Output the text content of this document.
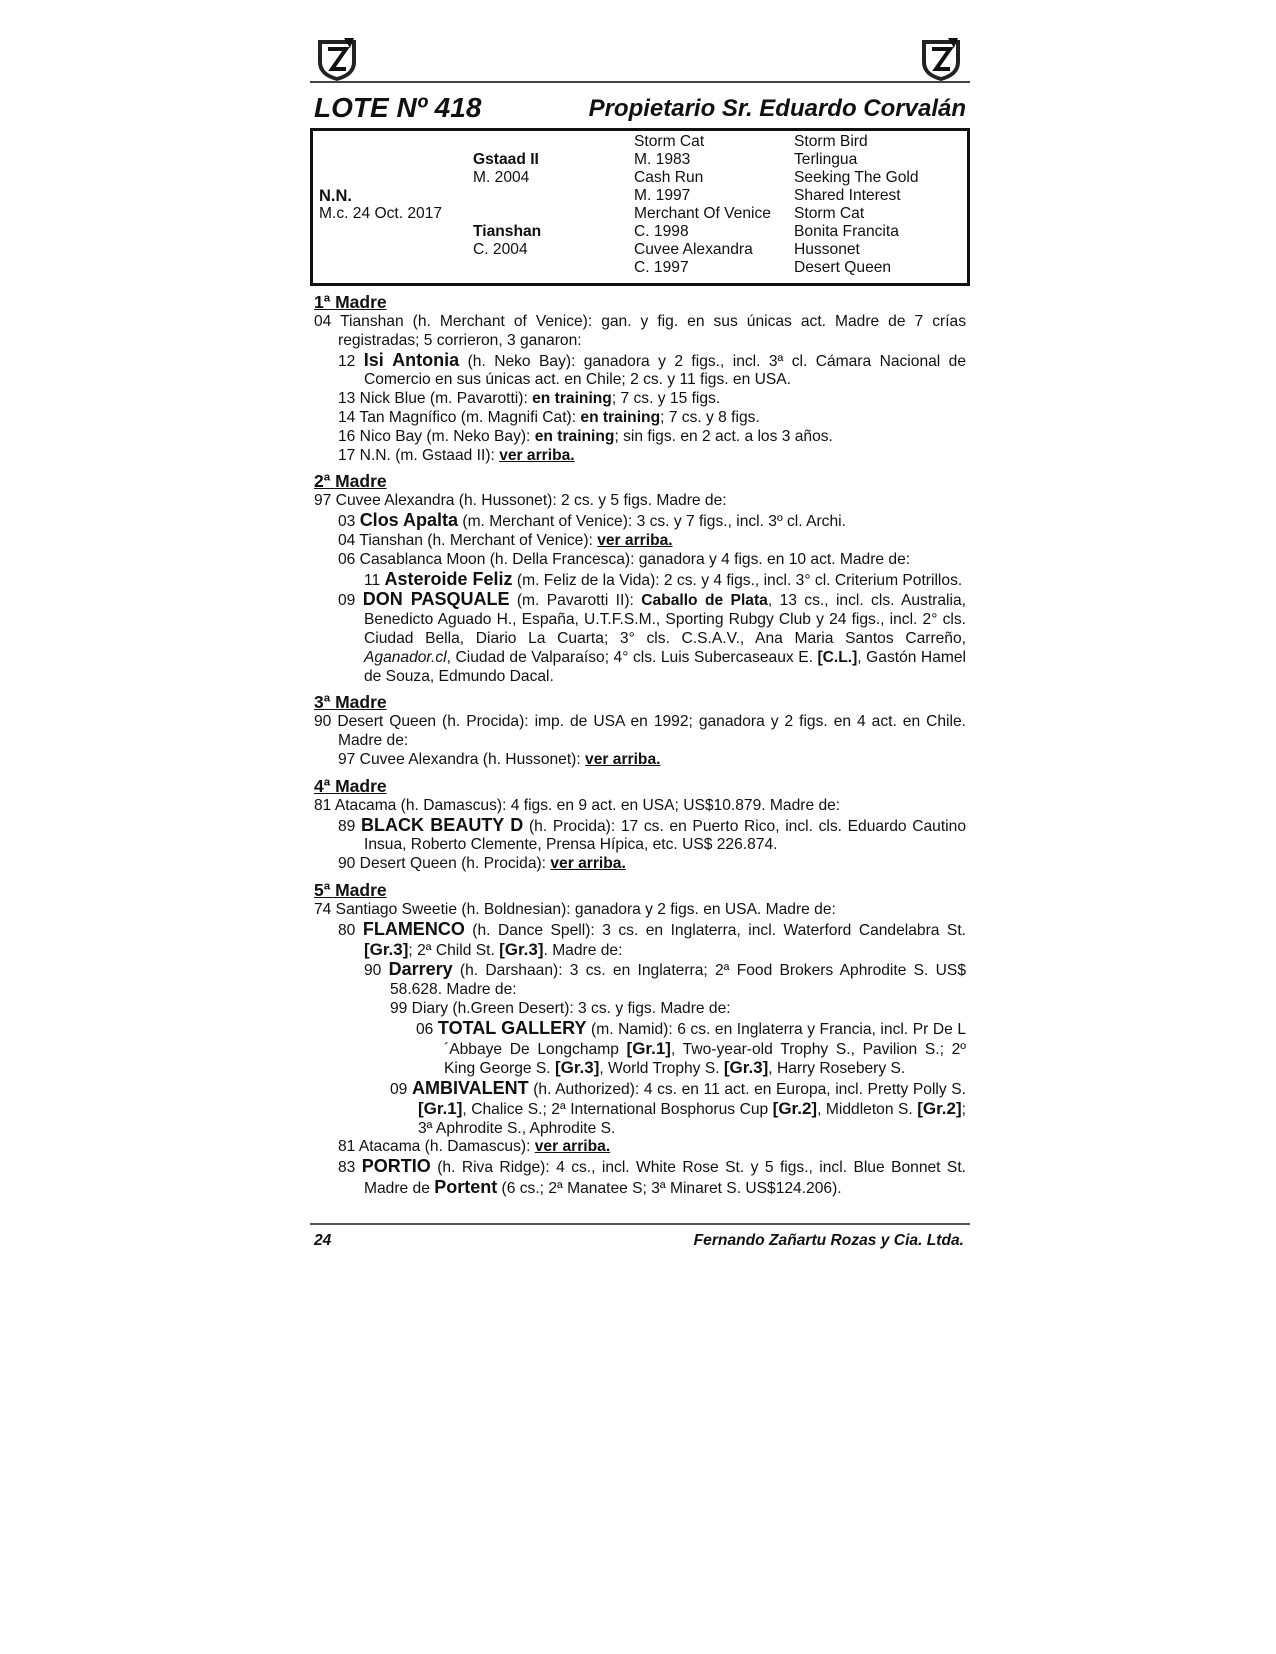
LOTE Nº 418	Propietario Sr. Eduardo Corvalán
N.N.
M.c. 24 Oct. 2017
Gstaad II
M. 2004
Tianshan
C. 2004
Storm Cat
M. 1983
Cash Run
M. 1997
Merchant Of Venice
C. 1998
Cuvee Alexandra
C. 1997
Storm Bird
Terlingua
Seeking The Gold
Shared Interest
Storm Cat
Bonita Francita
Hussonet
Desert Queen
1ª Madre
04 Tianshan (h. Merchant of Venice): gan. y fig. en sus únicas act. Madre de 7 crías registradas; 5 corrieron, 3 ganaron:
12 Isi Antonia (h. Neko Bay): ganadora y 2 figs., incl. 3ª cl. Cámara Nacional de Comercio en sus únicas act. en Chile; 2 cs. y 11 figs. en USA.
13 Nick Blue (m. Pavarotti): en training; 7 cs. y 15 figs.
14 Tan Magnífico (m. Magnifi Cat): en training; 7 cs. y 8 figs.
16 Nico Bay (m. Neko Bay): en training; sin figs. en 2 act. a los 3 años.
17 N.N. (m. Gstaad II): ver arriba.
2ª Madre
97 Cuvee Alexandra (h. Hussonet): 2 cs. y 5 figs. Madre de:
03 Clos Apalta (m. Merchant of Venice): 3 cs. y 7 figs., incl. 3º cl. Archi.
04 Tianshan (h. Merchant of Venice): ver arriba.
06 Casablanca Moon (h. Della Francesca): ganadora y 4 figs. en 10 act. Madre de:
11 Asteroide Feliz (m. Feliz de la Vida): 2 cs. y 4 figs., incl. 3° cl. Criterium Potrillos.
09 DON PASQUALE (m. Pavarotti II): Caballo de Plata, 13 cs., incl. cls. Australia, Benedicto Aguado H., España, U.T.F.S.M., Sporting Rubgy Club y 24 figs., incl. 2° cls. Ciudad Bella, Diario La Cuarta; 3° cls. C.S.A.V., Ana Maria Santos Carreño, Aganador.cl, Ciudad de Valparaíso; 4° cls. Luis Subercaseaux E. [C.L.], Gastón Hamel de Souza, Edmundo Dacal.
3ª Madre
90 Desert Queen (h. Procida): imp. de USA en 1992; ganadora y 2 figs. en 4 act. en Chile. Madre de:
97 Cuvee Alexandra (h. Hussonet): ver arriba.
4ª Madre
81 Atacama (h. Damascus): 4 figs. en 9 act. en USA; US$10.879. Madre de:
89 BLACK BEAUTY D (h. Procida): 17 cs. en Puerto Rico, incl. cls. Eduardo Cautino Insua, Roberto Clemente, Prensa Hípica, etc. US$ 226.874.
90 Desert Queen (h. Procida): ver arriba.
5ª Madre
74 Santiago Sweetie (h. Boldnesian): ganadora y 2 figs. en USA. Madre de:
80 FLAMENCO (h. Dance Spell): 3 cs. en Inglaterra, incl. Waterford Candelabra St. [Gr.3]; 2ª Child St. [Gr.3]. Madre de:
90 Darrery (h. Darshaan): 3 cs. en Inglaterra; 2ª Food Brokers Aphrodite S. US$ 58.628. Madre de:
99 Diary (h.Green Desert): 3 cs. y figs. Madre de:
06 TOTAL GALLERY (m. Namid): 6 cs. en Inglaterra y Francia, incl. Pr De L´Abbaye De Longchamp [Gr.1], Two-year-old Trophy S., Pavilion S.; 2º King George S. [Gr.3], World Trophy S. [Gr.3], Harry Rosebery S.
09 AMBIVALENT (h. Authorized): 4 cs. en 11 act. en Europa, incl. Pretty Polly S. [Gr.1], Chalice S.; 2ª International Bosphorus Cup [Gr.2], Middleton S. [Gr.2]; 3ª Aphrodite S., Aphrodite S.
81 Atacama (h. Damascus): ver arriba.
83 PORTIO (h. Riva Ridge): 4 cs., incl. White Rose St. y 5 figs., incl. Blue Bonnet St. Madre de Portent (6 cs.; 2ª Manatee S; 3ª Minaret S. US$124.206).
24	Fernando Zañartu Rozas y Cia. Ltda.
